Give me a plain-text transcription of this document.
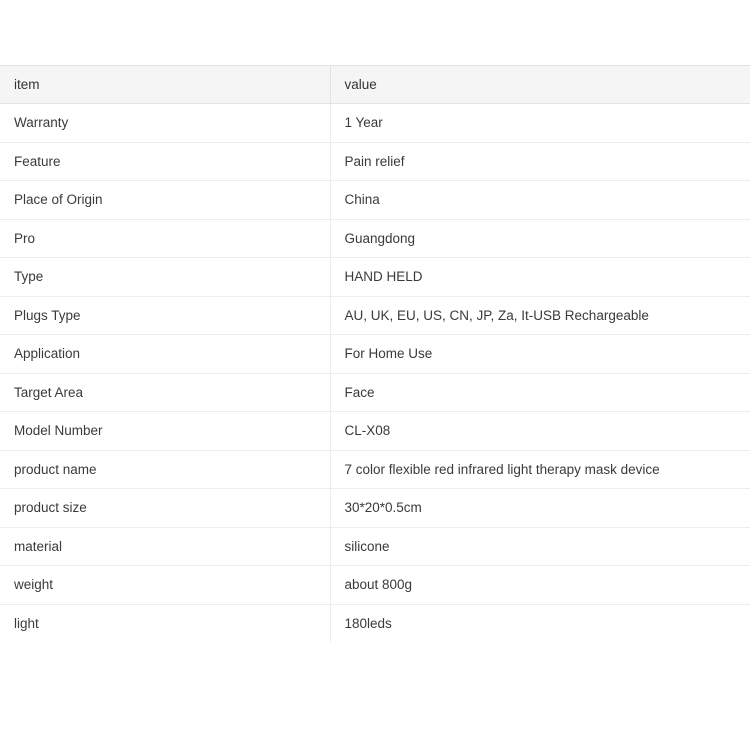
item	value
Warranty	1 Year
Feature	Pain relief
Place of Origin	China
Pro	Guangdong
Type	HAND HELD
Plugs Type	AU, UK, EU, US, CN, JP, Za, It-USB Rechargeable
Application	For Home Use
Target Area	Face
Model Number	CL-X08
product name	7 color flexible red infrared light therapy mask device
product size	30*20*0.5cm
material	silicone
weight	about 800g
light	180leds
